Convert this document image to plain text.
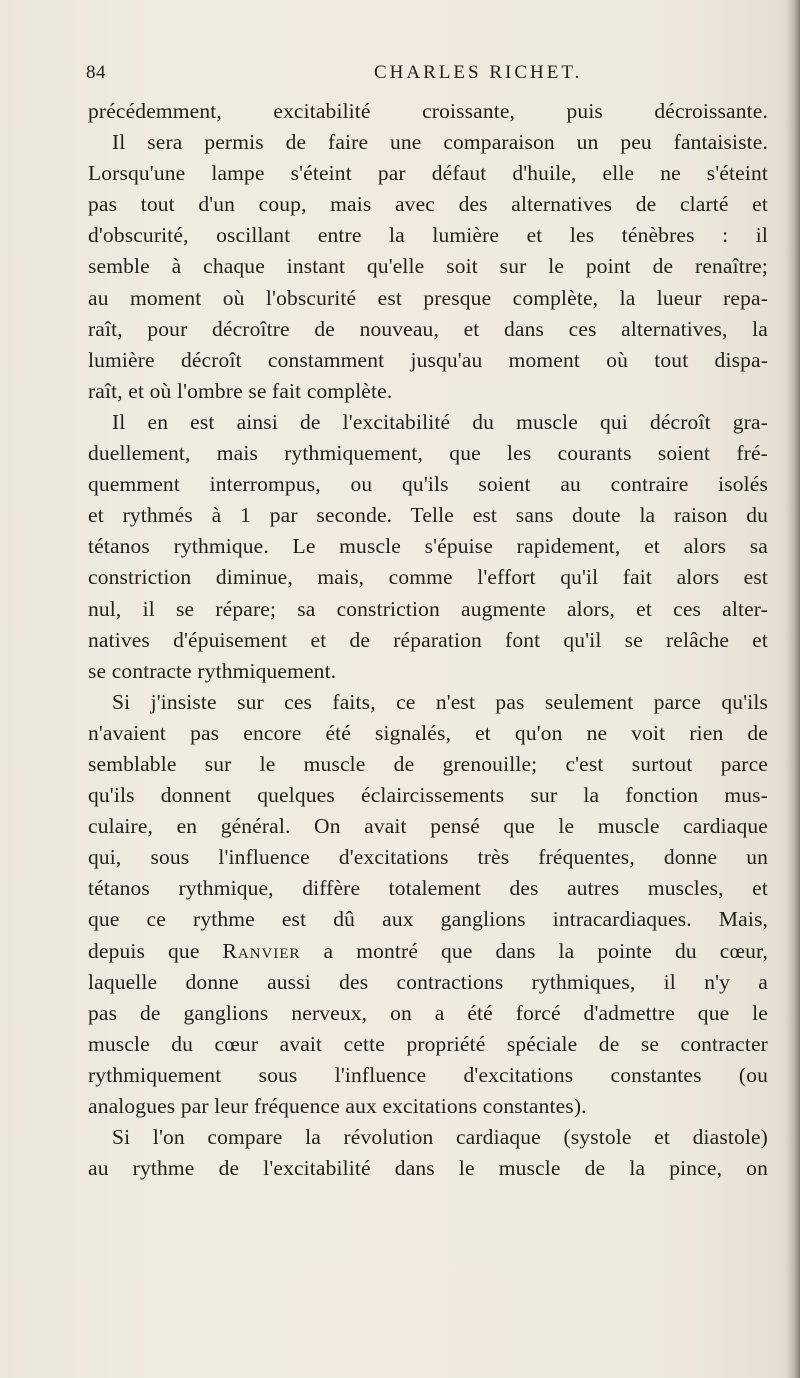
84	CHARLES RICHET.
précédemment, excitabilité croissante, puis décroissante.
Il sera permis de faire une comparaison un peu fantaisiste.
Lorsqu'une lampe s'éteint par défaut d'huile, elle ne s'éteint
pas tout d'un coup, mais avec des alternatives de clarté et
d'obscurité, oscillant entre la lumière et les ténèbres : il
semble à chaque instant qu'elle soit sur le point de renaître;
au moment où l'obscurité est presque complète, la lueur repa-
raît, pour décroître de nouveau, et dans ces alternatives, la
lumière décroît constamment jusqu'au moment où tout dispa-
raît, et où l'ombre se fait complète.
Il en est ainsi de l'excitabilité du muscle qui décroît gra-
duellement, mais rythmiquement, que les courants soient fré-
quemment interrompus, ou qu'ils soient au contraire isolés
et rythmés à 1 par seconde. Telle est sans doute la raison du
tétanos rythmique. Le muscle s'épuise rapidement, et alors sa
constriction diminue, mais, comme l'effort qu'il fait alors est
nul, il se répare; sa constriction augmente alors, et ces alter-
natives d'épuisement et de réparation font qu'il se relâche et
se contracte rythmiquement.
Si j'insiste sur ces faits, ce n'est pas seulement parce qu'ils
n'avaient pas encore été signalés, et qu'on ne voit rien de
semblable sur le muscle de grenouille; c'est surtout parce
qu'ils donnent quelques éclaircissements sur la fonction mus-
culaire, en général. On avait pensé que le muscle cardiaque
qui, sous l'influence d'excitations très fréquentes, donne un
tétanos rythmique, diffère totalement des autres muscles, et
que ce rythme est dû aux ganglions intracardiaques. Mais,
depuis que Ranvier a montré que dans la pointe du cœur,
laquelle donne aussi des contractions rythmiques, il n'y a
pas de ganglions nerveux, on a été forcé d'admettre que le
muscle du cœur avait cette propriété spéciale de se contracter
rythmiquement sous l'influence d'excitations constantes (ou
analogues par leur fréquence aux excitations constantes).
Si l'on compare la révolution cardiaque (systole et diastole)
au rythme de l'excitabilité dans le muscle de la pince, on
